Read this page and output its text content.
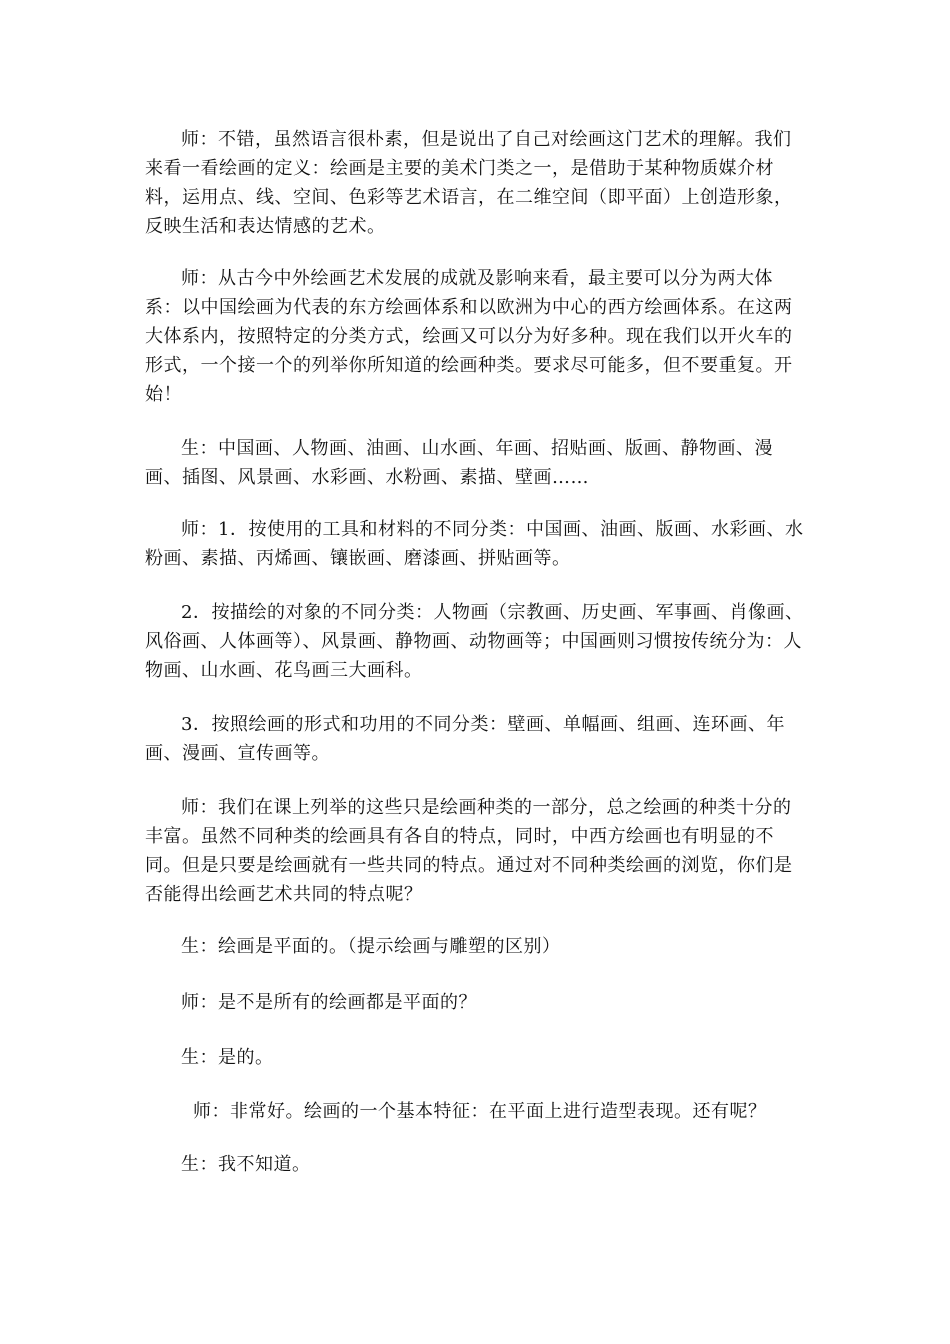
师：不错，虽然语言很朴素，但是说出了自己对绘画这门艺术的理解。我们来看一看绘画的定义：绘画是主要的美术门类之一，是借助于某种物质媒介材料，运用点、线、空间、色彩等艺术语言，在二维空间（即平面）上创造形象，反映生活和表达情感的艺术。

师：从古今中外绘画艺术发展的成就及影响来看，最主要可以分为两大体系：以中国绘画为代表的东方绘画体系和以欧洲为中心的西方绘画体系。在这两大体系内，按照特定的分类方式，绘画又可以分为好多种。现在我们以开火车的形式，一个接一个的列举你所知道的绘画种类。要求尽可能多，但不要重复。开始！

生：中国画、人物画、油画、山水画、年画、招贴画、版画、静物画、漫画、插图、风景画、水彩画、水粉画、素描、壁画……

师：1．按使用的工具和材料的不同分类：中国画、油画、版画、水彩画、水粉画、素描、丙烯画、镶嵌画、磨漆画、拼贴画等。

2．按描绘的对象的不同分类：人物画（宗教画、历史画、军事画、肖像画、风俗画、人体画等）、风景画、静物画、动物画等；中国画则习惯按传统分为：人物画、山水画、花鸟画三大画科。

3．按照绘画的形式和功用的不同分类：壁画、单幅画、组画、连环画、年画、漫画、宣传画等。

师：我们在课上列举的这些只是绘画种类的一部分，总之绘画的种类十分的丰富。虽然不同种类的绘画具有各自的特点，同时，中西方绘画也有明显的不同。但是只要是绘画就有一些共同的特点。通过对不同种类绘画的浏览，你们是否能得出绘画艺术共同的特点呢？

生：绘画是平面的。（提示绘画与雕塑的区别）

师：是不是所有的绘画都是平面的？

生：是的。

师：非常好。绘画的一个基本特征：在平面上进行造型表现。还有呢？

生：我不知道。
